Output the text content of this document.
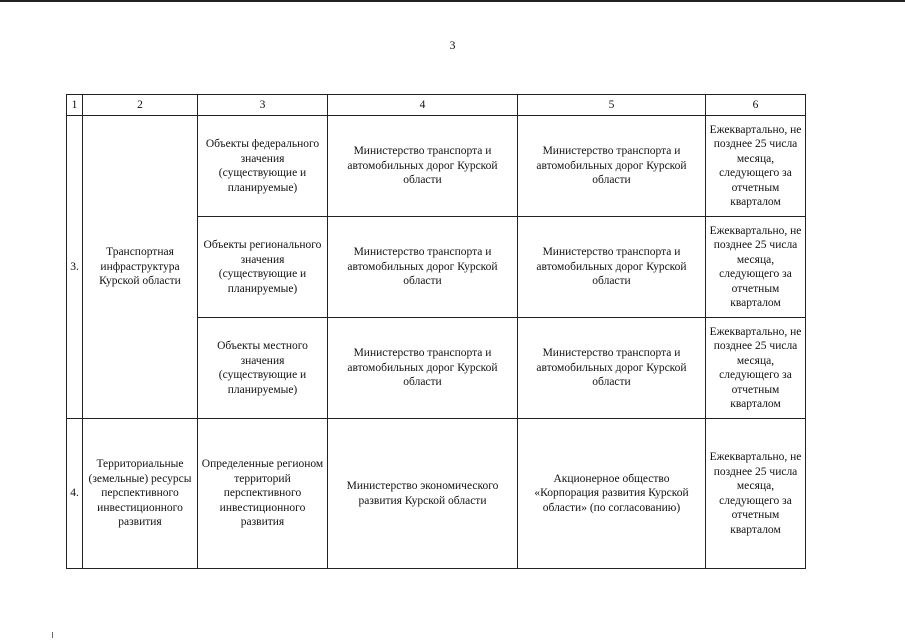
3
1	2	3	4	5	6
3.	Транспортная инфраструктура Курской области	Объекты федерального значения (существующие и планируемые)	Министерство транспорта и автомобильных дорог Курской области	Министерство транспорта и автомобильных дорог Курской области	Ежеквартально, не позднее 25 числа месяца, следующего за отчетным кварталом
		Объекты регионального значения (существующие и планируемые)	Министерство транспорта и автомобильных дорог Курской области	Министерство транспорта и автомобильных дорог Курской области	Ежеквартально, не позднее 25 числа месяца, следующего за отчетным кварталом
		Объекты местного значения (существующие и планируемые)	Министерство транспорта и автомобильных дорог Курской области	Министерство транспорта и автомобильных дорог Курской области	Ежеквартально, не позднее 25 числа месяца, следующего за отчетным кварталом
4.	Территориальные (земельные) ресурсы перспективного инвестиционного развития	Определенные регионом территорий перспективного инвестиционного развития	Министерство экономического развития Курской области	Акционерное общество «Корпорация развития Курской области» (по согласованию)	Ежеквартально, не позднее 25 числа месяца, следующего за отчетным кварталом
